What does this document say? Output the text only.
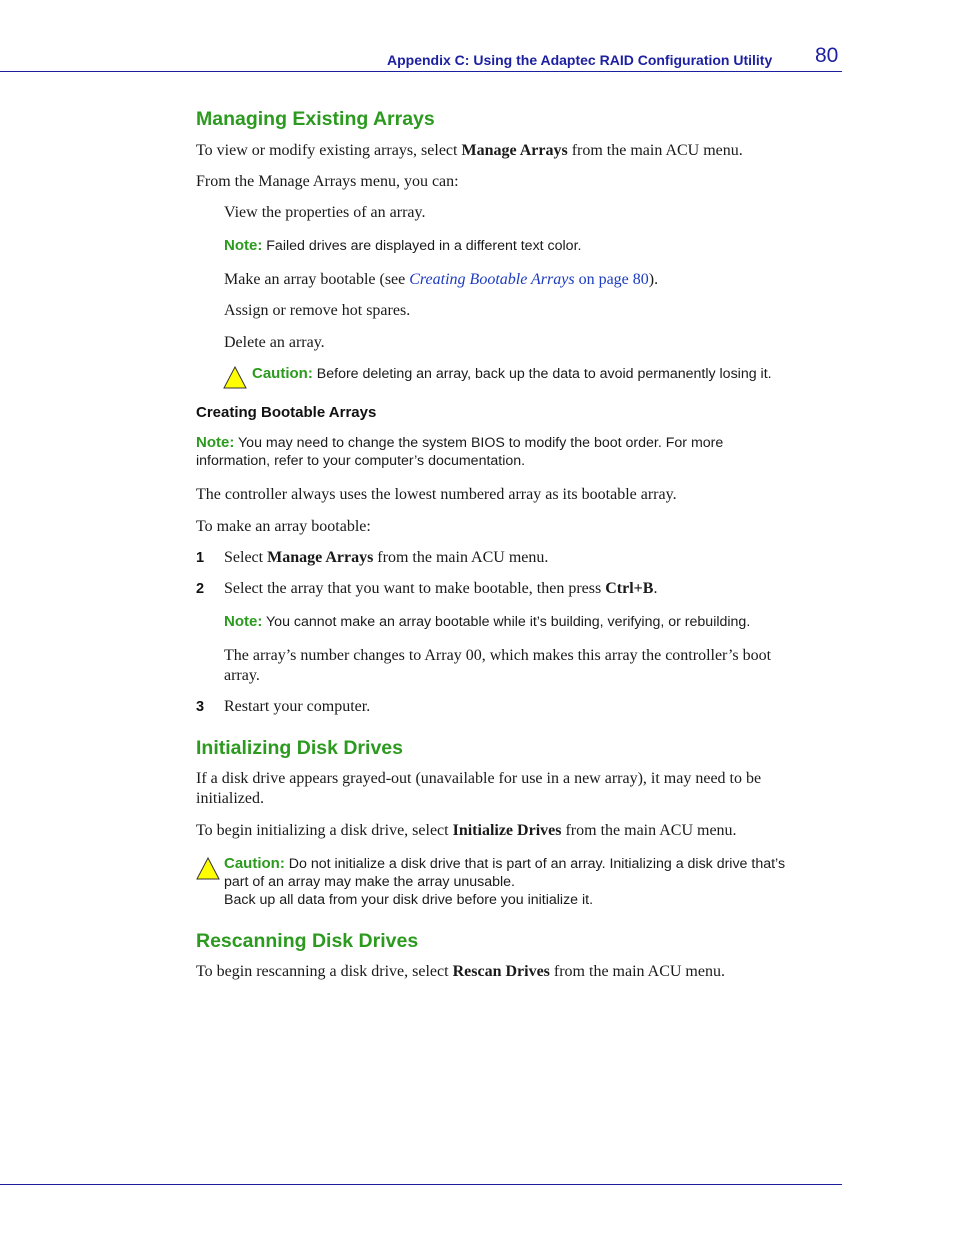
Appendix C: Using the Adaptec RAID Configuration Utility 80
Managing Existing Arrays
To view or modify existing arrays, select Manage Arrays from the main ACU menu.
From the Manage Arrays menu, you can:
View the properties of an array.
Note: Failed drives are displayed in a different text color.
Make an array bootable (see Creating Bootable Arrays on page 80).
Assign or remove hot spares.
Delete an array.
Caution: Before deleting an array, back up the data to avoid permanently losing it.
Creating Bootable Arrays
Note: You may need to change the system BIOS to modify the boot order. For more
information, refer to your computer’s documentation.
The controller always uses the lowest numbered array as its bootable array.
To make an array bootable:
1 Select Manage Arrays from the main ACU menu.
2 Select the array that you want to make bootable, then press Ctrl+B.
Note: You cannot make an array bootable while it’s building, verifying, or rebuilding.
The array’s number changes to Array 00, which makes this array the controller’s boot
array.
3 Restart your computer.
Initializing Disk Drives
If a disk drive appears grayed-out (unavailable for use in a new array), it may need to be
initialized.
To begin initializing a disk drive, select Initialize Drives from the main ACU menu.
Caution: Do not initialize a disk drive that is part of an array. Initializing a disk drive that’s
part of an array may make the array unusable.
Back up all data from your disk drive before you initialize it.
Rescanning Disk Drives
To begin rescanning a disk drive, select Rescan Drives from the main ACU menu.
